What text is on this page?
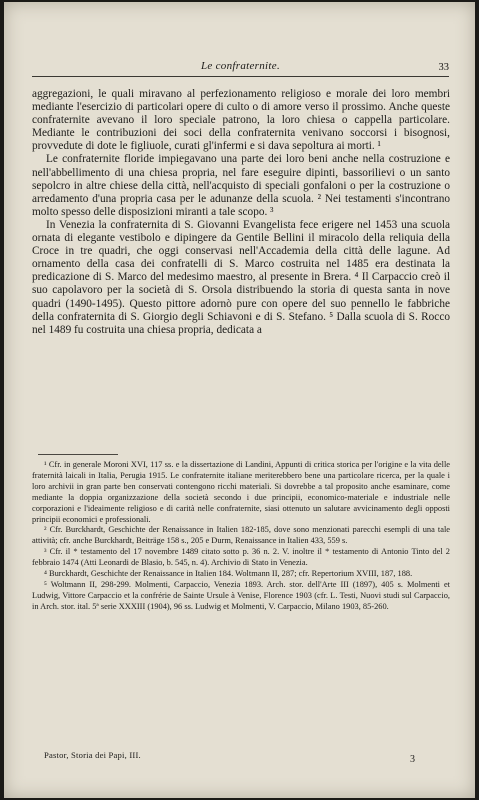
Le confraternite.	33

aggregazioni, le quali miravano al perfezionamento religioso e morale dei loro membri mediante l'esercizio di particolari opere di culto o di amore verso il prossimo. Anche queste confraternite avevano il loro speciale patrono, la loro chiesa o cappella particolare. Mediante le contribuzioni dei soci della confraternita venivano soccorsi i bisognosi, provvedute di dote le figliuole, curati gl'infermi e si dava sepoltura ai morti. ¹

Le confraternite floride impiegavano una parte dei loro beni anche nella costruzione e nell'abbellimento di una chiesa propria, nel fare eseguire dipinti, bassorilievi o un santo sepolcro in altre chiese della città, nell'acquisto di speciali gonfaloni o per la costruzione o arredamento d'una propria casa per le adunanze della scuola. ² Nei testamenti s'incontrano molto spesso delle disposizioni miranti a tale scopo. ³

In Venezia la confraternita di S. Giovanni Evangelista fece erigere nel 1453 una scuola ornata di elegante vestibolo e dipingere da Gentile Bellini il miracolo della reliquia della Croce in tre quadri, che oggi conservasi nell'Accademia della città delle lagune. Ad ornamento della casa dei confratelli di S. Marco costruita nel 1485 era destinata la predicazione di S. Marco del medesimo maestro, al presente in Brera. ⁴ Il Carpaccio creò il suo capolavoro per la società di S. Orsola distribuendo la storia di questa santa in nove quadri (1490-1495). Questo pittore adornò pure con opere del suo pennello le fabbriche della confraternita di S. Giorgio degli Schiavoni e di S. Stefano. ⁵ Dalla scuola di S. Rocco nel 1489 fu costruita una chiesa propria, dedicata a

¹ Cfr. in generale Moroni XVI, 117 ss. e la dissertazione di Landini, Appunti di critica storica per l'origine e la vita delle fraternità laicali in Italia, Perugia 1915. Le confraternite italiane meriterebbero bene una particolare ricerca, per la quale i loro archivii in gran parte ben conservati contengono ricchi materiali. Si dovrebbe a tal proposito anche esaminare, come mediante la doppia organizzazione della società secondo i due principii, economico-materiale e industriale nelle corporazioni e l'ideaimente religioso e di carità nelle confraternite, siasi ottenuto un salutare avvicinamento degli opposti principii economici e professionali.

² Cfr. Burckhardt, Geschichte der Renaissance in Italien 182-185, dove sono menzionati parecchi esempli di una tale attività; cfr. anche Burckhardt, Beiträge 158 s., 205 e Durm, Renaissance in Italien 433, 559 s.

³ Cfr. il * testamento del 17 novembre 1489 citato sotto p. 36 n. 2. V. inoltre il * testamento di Antonio Tinto del 2 febbraio 1474 (Atti Leonardi de Blasio, b. 545, n. 4). Archivio di Stato in Venezia.

⁴ Burckhardt, Geschichte der Renaissance in Italien 184. Woltmann II, 287; cfr. Repertorium XVIII, 187, 188.

⁵ Woltmann II, 298-299. Molmenti, Carpaccio, Venezia 1893. Arch. stor. dell'Arte III (1897), 405 s. Molmenti et Ludwig, Vittore Carpaccio et la confrérie de Sainte Ursule à Venise, Florence 1903 (cfr. L. Testi, Nuovi studi sul Carpaccio, in Arch. stor. ital. 5ª serie XXXIII (1904), 96 ss. Ludwig et Molmenti, V. Carpaccio, Milano 1903, 85-260.

Pastor, Storia dei Papi, III.	3
